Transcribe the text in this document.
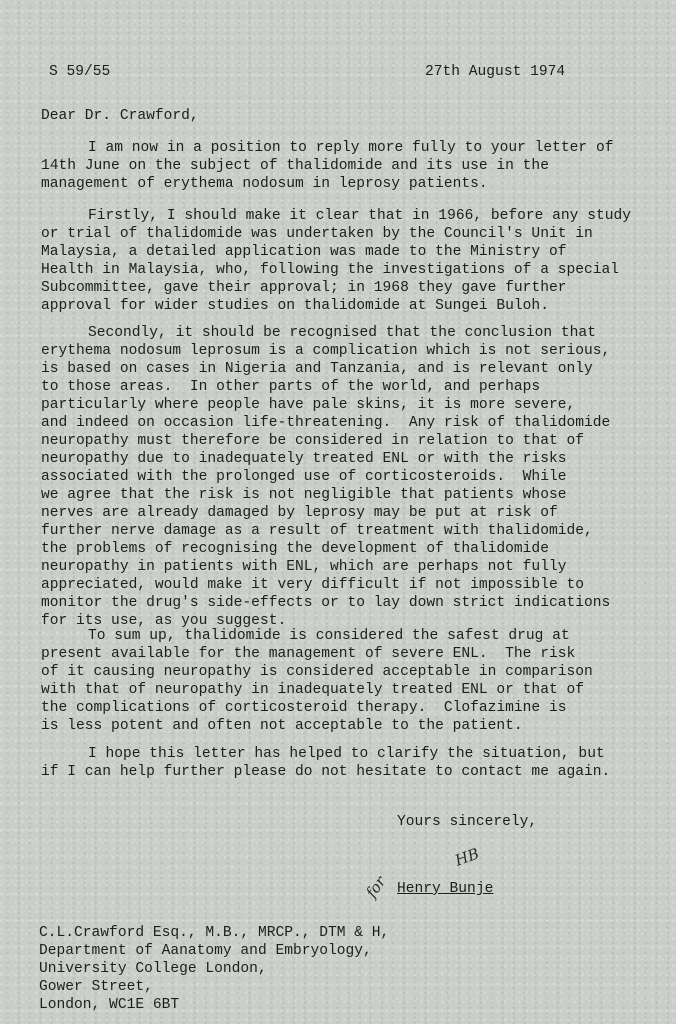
S 59/55	27th August 1974
Dear Dr. Crawford,
I am now in a position to reply more fully to your letter of
14th June on the subject of thalidomide and its use in the
management of erythema nodosum in leprosy patients.
Firstly, I should make it clear that in 1966, before any study
or trial of thalidomide was undertaken by the Council's Unit in
Malaysia, a detailed application was made to the Ministry of
Health in Malaysia, who, following the investigations of a special
Subcommittee, gave their approval; in 1968 they gave further
approval for wider studies on thalidomide at Sungei Buloh.
Secondly, it should be recognised that the conclusion that
erythema nodosum leprosum is a complication which is not serious,
is based on cases in Nigeria and Tanzania, and is relevant only
to those areas.  In other parts of the world, and perhaps
particularly where people have pale skins, it is more severe,
and indeed on occasion life-threatening.  Any risk of thalidomide
neuropathy must therefore be considered in relation to that of
neuropathy due to inadequately treated ENL or with the risks
associated with the prolonged use of corticosteroids.  While
we agree that the risk is not negligible that patients whose
nerves are already damaged by leprosy may be put at risk of
further nerve damage as a result of treatment with thalidomide,
the problems of recognising the development of thalidomide
neuropathy in patients with ENL, which are perhaps not fully
appreciated, would make it very difficult if not impossible to
monitor the drug's side-effects or to lay down strict indications
for its use, as you suggest.
To sum up, thalidomide is considered the safest drug at
present available for the management of severe ENL.  The risk
of it causing neuropathy is considered acceptable in comparison
with that of neuropathy in inadequately treated ENL or that of
the complications of corticosteroid therapy.  Clofazimine is
is less potent and often not acceptable to the patient.
I hope this letter has helped to clarify the situation, but
if I can help further please do not hesitate to contact me again.
Yours sincerely,
HB
for Henry Bunje
C.L.Crawford Esq., M.B., MRCP., DTM & H,
Department of Aanatomy and Embryology,
University College London,
Gower Street,
London, WC1E 6BT
